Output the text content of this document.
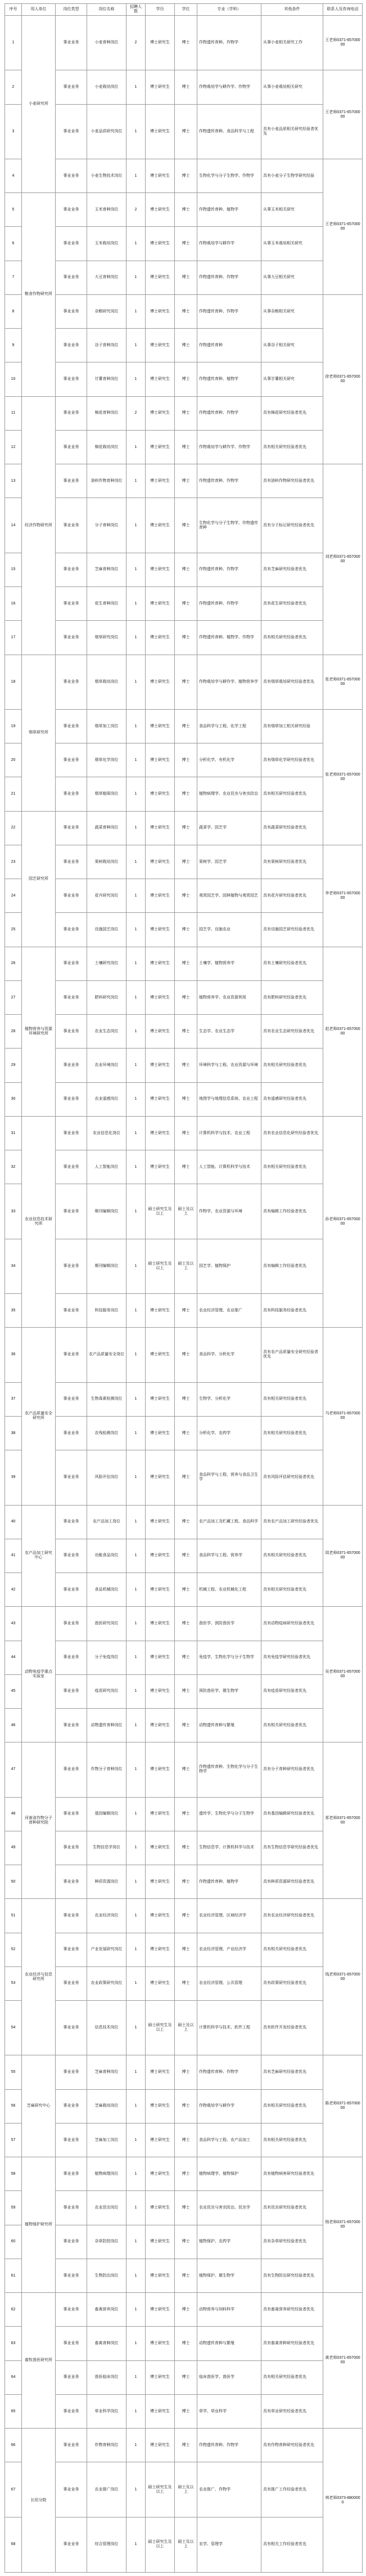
序号	用人单位	岗位类型	岗位名称	招聘人数	学历	学位	专业（学科）	其他条件	联系人及咨询电话
1	小麦研究所	事业业务	小麦育种岗位	2	博士研究生	博士	作物遗传育种、作物学	从事小麦相关研究工作	王老师0371-65700000
2		事业业务	小麦栽培岗位	1	博士研究生	博士	作物栽培学与耕作学、作物学	从事小麦栽培相关研究	王老师0371-65700000
3		事业业务	小麦品质研究岗位	1	博士研究生	博士	作物遗传育种、食品科学与工程	具有小麦品质相关研究经验者优先	
4		事业业务	小麦生物技术岗位	1	博士研究生	博士	生物化学与分子生物学、作物学	具有小麦分子生物学研究经验	王老师0371-65700000
5	粮食作物研究所	事业业务	玉米育种岗位	2	博士研究生	博士	作物遗传育种、植物学	从事玉米相关研究	
6		事业业务	玉米栽培岗位	1	博士研究生	博士	作物栽培学与耕作学	从事玉米栽培相关研究	
7		事业业务	大豆育种岗位	1	博士研究生	博士	作物遗传育种、作物学	从事大豆相关研究	
8		事业业务	杂粮研究岗位	1	博士研究生	博士	作物遗传育种、作物学	从事杂粮相关研究	徐老师0371-65700000
9		事业业务	谷子育种岗位	1	博士研究生	博士	作物遗传育种	从事谷子相关研究	
10		事业业务	甘薯育种岗位	1	博士研究生	博士	作物遗传育种、植物学	从事甘薯相关研究	
11	经济作物研究所	事业业务	棉花育种岗位	2	博士研究生	博士	作物遗传育种、作物学	具有棉花研究经验者优先	
12		事业业务	棉花栽培岗位	1	博士研究生	博士	作物栽培学与耕作学、作物学	具有相关研究经验者优先	
13		事业业务	油料作物育种岗位	1	博士研究生	博士	作物遗传育种、作物学	具有油料作物研究经验者优先	刘老师0371-65700000
14		事业业务	分子育种岗位	1	博士研究生	博士	生物化学与分子生物学、作物遗传育种	具有分子标记研究经验者优先	
15		事业业务	芝麻育种岗位	1	博士研究生	博士	作物遗传育种、作物学	具有芝麻研究经验者优先	
16		事业业务	花生育种岗位	1	博士研究生	博士	作物遗传育种、作物学	具有花生研究经验者优先	
17		事业业务	烟草研究岗位	1	博士研究生	博士	作物遗传育种、植物学、作物学	具有相关研究经验者优先	
18	烟草研究所	事业业务	烟草栽培岗位	1	博士研究生	博士	作物栽培学与耕作学、植物营养学	具有烟草栽培研究经验者优先	张老师0371-65700000
19		事业业务	烟草加工岗位	1	博士研究生	博士	食品科学与工程、化学工程	具有烟草加工相关研究经验	张老师0371-65700000
20		事业业务	烟草化学岗位	1	博士研究生	博士	分析化学、有机化学	具有烟草化学研究经验者优先	
21		事业业务	烟草植保岗位	1	博士研究生	博士	植物病理学、农业昆虫与害虫防治	具有相关研究经验者优先	
22	园艺研究所	事业业务	蔬菜育种岗位	1	博士研究生	博士	蔬菜学、园艺学	具有蔬菜研究经验者优先	
23		事业业务	果树栽培岗位	1	博士研究生	博士	果树学、园艺学	具有果树研究经验者优先	李老师0371-65700000
24		事业业务	花卉研究岗位	1	博士研究生	博士	观赏园艺学、园林植物与观赏园艺	具有花卉研究经验者优先	
25		事业业务	设施园艺岗位	1	博士研究生	博士	园艺学、设施农业	具有设施园艺研究经验者优先	
26	植物营养与资源环境研究所	事业业务	土壤研究岗位	1	博士研究生	博士	土壤学、植物营养学	具有土壤研究经验者优先	赵老师0371-65700000
27		事业业务	肥料研究岗位	1	博士研究生	博士	植物营养学、农业资源利用	具有肥料研究经验者优先	
28		事业业务	农业生态岗位	1	博士研究生	博士	生态学、农业生态学	具有农业生态研究经验者优先	
29		事业业务	农业环境岗位	1	博士研究生	博士	环境科学与工程、农业资源与环境	具有相关研究经验者优先	
30		事业业务	农业遥感岗位	1	博士研究生	博士	地图学与地理信息系统、农业工程	具有遥感研究经验者优先	
31	农业信息技术研究所	事业业务	农业信息化岗位	1	博士研究生	博士	计算机科学与技术、农业工程	具有农业信息化研究经验者优先	孙老师0371-65700000
32		事业业务	人工智能岗位	1	博士研究生	博士	人工智能、计算机科学与技术	具有相关研究经验者优先	
33		事业业务	期刊编辑岗位	1	硕士研究生及以上	硕士及以上	作物学、农业资源与环境	具有编辑工作经验者优先	
34		事业业务	期刊编辑岗位	1	硕士研究生及以上	硕士及以上	园艺学、植物保护	具有编辑工作经验者优先	
35		事业业务	科技服务岗位	1	博士研究生	博士	农业经济管理、农业推广	具有科技服务经验者优先	
36	农产品质量安全研究所	事业业务	农产品质量安全岗位	1	博士研究生	博士	食品科学、分析化学	具有农产品质量安全研究经验者优先	马老师0371-65700000
37		事业业务	生物毒素检测岗位	1	博士研究生	博士	生物学、分析化学	具有相关研究经验者优先	
38		事业业务	农残检测岗位	1	博士研究生	博士	分析化学、农药学	具有相关研究经验者优先	
39		事业业务	风险评估岗位	1	博士研究生	博士	食品科学与工程、营养与食品卫生学	具有风险评估研究经验者优先	
40	农产品加工研究中心	事业业务	农产品加工岗位	1	博士研究生	博士	农产品加工及贮藏工程、食品科学	具有农产品加工研究经验者优先	周老师0371-65700000
41		事业业务	功能食品岗位	1	博士研究生	博士	食品科学与工程、营养学	具有相关研究经验者优先	
42		事业业务	食品机械岗位	1	博士研究生	博士	机械工程、农业机械化工程	具有相关研究经验者优先	
43	动物免疫学重点实验室	事业业务	兽医研究岗位	1	博士研究生	博士	兽医学、预防兽医学	具有动物疫病研究经验者优先	吴老师0371-65700000
44		事业业务	分子免疫岗位	1	博士研究生	博士	免疫学、生物化学与分子生物学	具有免疫学研究经验者优先	
45		事业业务	疫苗研究岗位	1	博士研究生	博士	预防兽医学、微生物学	具有疫苗研究经验者优先	
46		事业业务	动物遗传育种岗位	1	博士研究生	博士	动物遗传育种与繁殖	具有相关研究经验者优先	
47	河南省作物分子育种研究院	事业业务	作物分子育种岗位	1	博士研究生	博士	作物遗传育种、生物化学与分子生物学	具有分子育种研究经验者优先	郑老师0371-65700000
48		事业业务	基因编辑岗位	1	博士研究生	博士	遗传学、生物化学与分子生物学	具有基因编辑研究经验者优先	
49		事业业务	生物信息学岗位	1	博士研究生	博士	生物信息学、计算机科学与技术	具有生物信息学研究经验者优先	
50		事业业务	种质资源岗位	1	博士研究生	博士	作物遗传育种、植物学	具有种质资源研究经验者优先	
51	农业经济与信息研究所	事业业务	农业经济岗位	1	博士研究生	博士	农业经济管理、区域经济学	具有农业经济研究经验者优先	钱老师0371-65700000
52		事业业务	产业发展研究岗位	1	博士研究生	博士	农业经济管理、产业经济学	具有相关研究经验者优先	
53		事业业务	农业政策研究岗位	1	博士研究生	博士	农业经济管理、公共管理	具有政策研究经验者优先	
54		事业业务	信息技术岗位	1	硕士研究生及以上	硕士及以上	计算机科学与技术、软件工程	具有软件开发经验者优先	
55	芝麻研究中心	事业业务	芝麻育种岗位	1	博士研究生	博士	作物遗传育种、作物学	具有芝麻研究经验者优先	陈老师0371-65700000
56		事业业务	芝麻栽培岗位	1	博士研究生	博士	作物栽培学与耕作学	具有相关研究经验者优先	
57		事业业务	芝麻加工岗位	1	博士研究生	博士	食品科学与工程、农产品加工	具有相关研究经验者优先	
58	植物保护研究所	事业业务	植物病理岗位	1	博士研究生	博士	植物病理学、植物保护	具有植物病害研究经验者优先	杨老师0371-65700000
59		事业业务	农业昆虫岗位	1	博士研究生	博士	农业昆虫与害虫防治、昆虫学	具有昆虫研究经验者优先	
60		事业业务	杂草防控岗位	1	博士研究生	博士	植物保护、农药学	具有杂草研究经验者优先	
61		事业业务	生物防治岗位	1	博士研究生	博士	植物保护、微生物学	具有生物防治研究经验者优先	
62	畜牧兽医研究所	事业业务	畜禽营养岗位	1	博士研究生	博士	动物营养与饲料科学	具有畜禽营养研究经验者优先	黄老师0371-65700000
63		事业业务	畜禽育种岗位	1	博士研究生	博士	动物遗传育种与繁殖	具有畜禽育种研究经验者优先	
64		事业业务	兽医临床岗位	1	博士研究生	博士	临床兽医学、兽医学	具有相关研究经验者优先	
65		事业业务	草业科学岗位	1	博士研究生	博士	草学、草业科学	具有草业研究经验者优先	
66	长垣分院	事业业务	作物育种岗位	1	博士研究生	博士	作物遗传育种、作物学	具有作物育种研究经验者优先	林老师0373-8800000
67		事业业务	农业推广岗位	1	硕士研究生及以上	硕士及以上	农业推广、作物学	具有推广工作经验者优先	
68		事业业务	综合管理岗位	1	硕士研究生及以上	硕士及以上	农学、管理学	具有相关工作经验者优先	
